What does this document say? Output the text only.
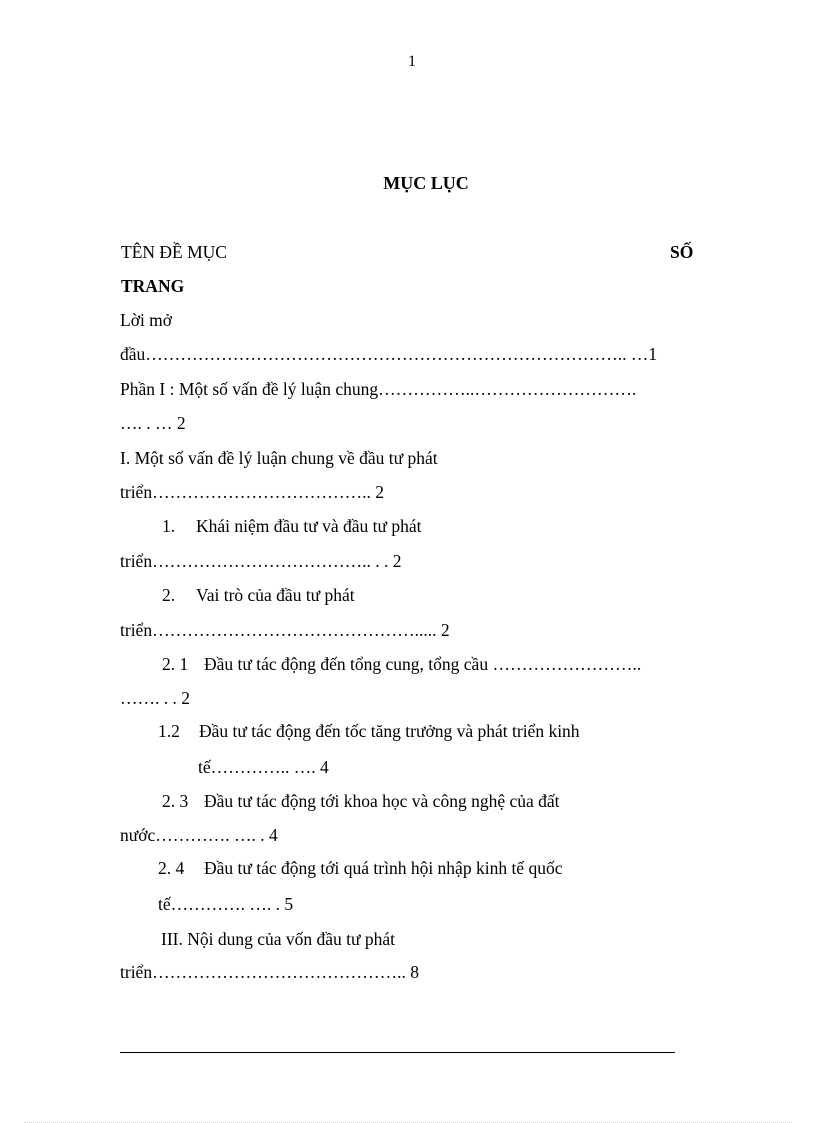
1
MỤC LỤC
TÊN ĐỀ MỤC	SỐ
TRANG
Lời mở
đầu……………………………………………………………………….. …1
Phần I : Một số vấn đề lý luận chung……………..……………………….
…. . … 2
I. Một số vấn đề lý luận chung về đầu tư phát
triển……………………………….. 2
1. Khái niệm đầu tư và đầu tư phát
triển……………………………….. . . 2
2. Vai trò của đầu tư phát
triển………………………………………..... 2
2. 1 Đầu tư tác động đến tổng cung, tổng cầu ……………………..
……. . . 2
1.2 Đầu tư tác động đến tốc tăng trưởng và phát triển kinh
tế………….. …. 4
2. 3 Đầu tư tác động tới khoa học và công nghệ của đất
nước…………. …. . 4
2. 4 Đầu tư tác động tới quá trình hội nhập kinh tế quốc
tế…………. …. . 5
III. Nội dung của vốn đầu tư phát
triển…………………………………….. 8
